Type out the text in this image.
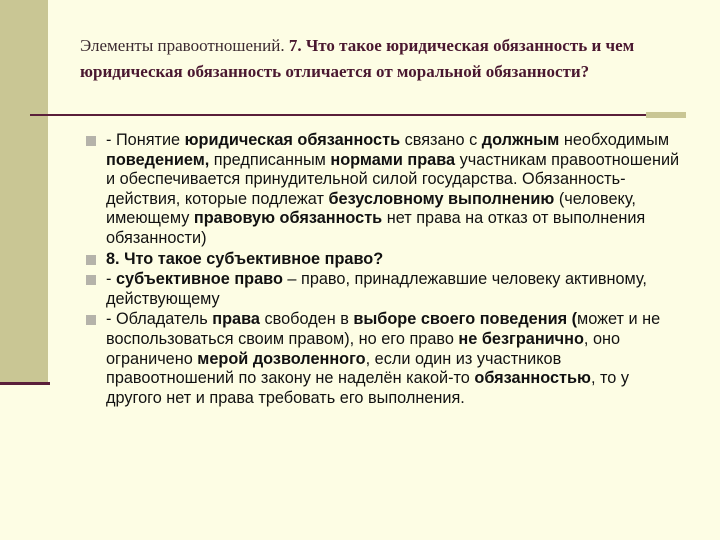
Элементы правоотношений. 7. Что такое юридическая обязанность и чем юридическая обязанность отличается от моральной обязанности?
- Понятие юридическая обязанность связано с должным необходимым поведением, предписанным нормами права участникам правоотношений и обеспечивается принудительной силой государства. Обязанность- действия, которые подлежат безусловному выполнению (человеку, имеющему правовую обязанность нет права на отказ от выполнения обязанности)
8. Что такое субъективное право?
- субъективное право – право, принадлежавшие человеку активному, действующему
- Обладатель права свободен в выборе своего поведения (может и не воспользоваться своим правом), но его право не безгранично, оно ограничено мерой дозволенного, если один из участников правоотношений по закону не наделён какой-то обязанностью, то у другого нет и права требовать его выполнения.
